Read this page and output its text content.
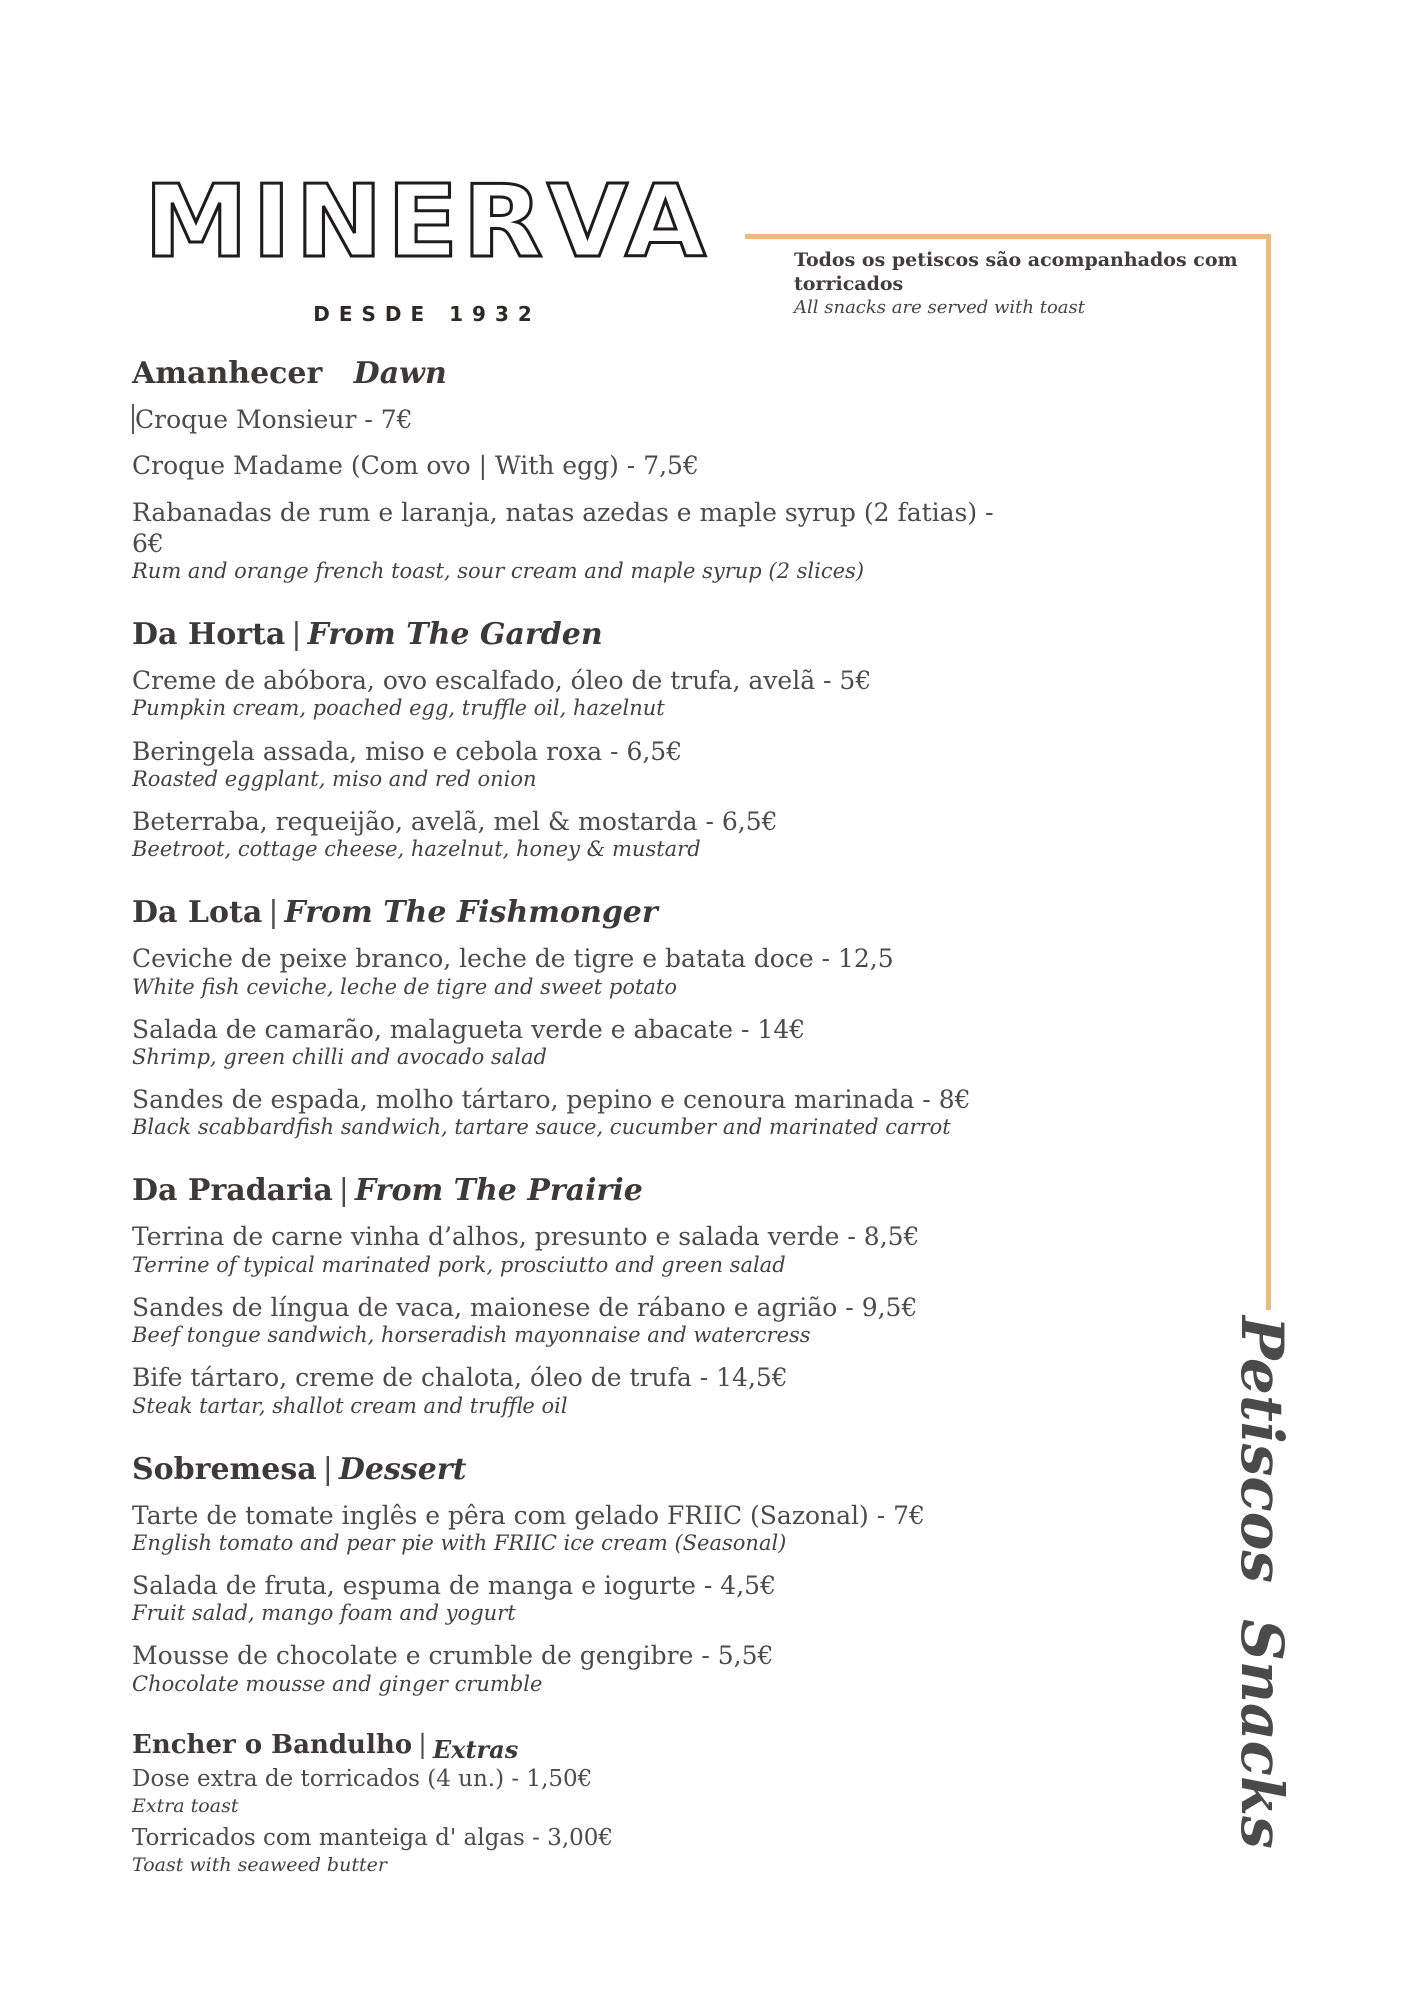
MINERVA
DESDE 1932

Todos os petiscos são acompanhados com torricados

All snacks are served with toast

Amanhecer Dawn

Croque Monsieur - 7€

Croque Madame (Com ovo | With egg) - 7,5€

Rabanadas de rum e laranja, natas azedas e maple syrup (2 fatias) - 6€

Rum and orange french toast, sour cream and maple syrup (2 slices)

Da Horta | From The Garden

Creme de abóbora, ovo escalfado, óleo de trufa, avelã - 5€

Pumpkin cream, poached egg, truffle oil, hazelnut

Beringela assada, miso e cebola roxa - 6,5€

Roasted eggplant, miso and red onion

Beterraba, requeijão, avelã, mel & mostarda - 6,5€

Beetroot, cottage cheese, hazelnut, honey & mustard

Da Lota | From The Fishmonger

Ceviche de peixe branco, leche de tigre e batata doce - 12,5

White fish ceviche, leche de tigre and sweet potato

Salada de camarão, malagueta verde e abacate - 14€

Shrimp, green chilli and avocado salad

Sandes de espada, molho tártaro, pepino e cenoura marinada - 8€

Black scabbardfish sandwich, tartare sauce, cucumber and marinated carrot

Da Pradaria | From The Prairie

Terrina de carne vinha d’alhos, presunto e salada verde - 8,5€

Terrine of typical marinated pork, prosciutto and green salad

Sandes de língua de vaca, maionese de rábano e agrião - 9,5€

Beef tongue sandwich, horseradish mayonnaise and watercress

Bife tártaro, creme de chalota, óleo de trufa - 14,5€

Steak tartar, shallot cream and truffle oil

Sobremesa | Dessert

Tarte de tomate inglês e pêra com gelado FRIIC (Sazonal) - 7€

English tomato and pear pie with FRIIC ice cream (Seasonal)

Salada de fruta, espuma de manga e iogurte - 4,5€

Fruit salad, mango foam and yogurt

Mousse de chocolate e crumble de gengibre - 5,5€

Chocolate mousse and ginger crumble

Encher o Bandulho | Extras

Dose extra de torricados (4 un.) - 1,50€

Extra toast

Torricados com manteiga d' algas - 3,00€

Toast with seaweed butter

PetiscosSnacks
